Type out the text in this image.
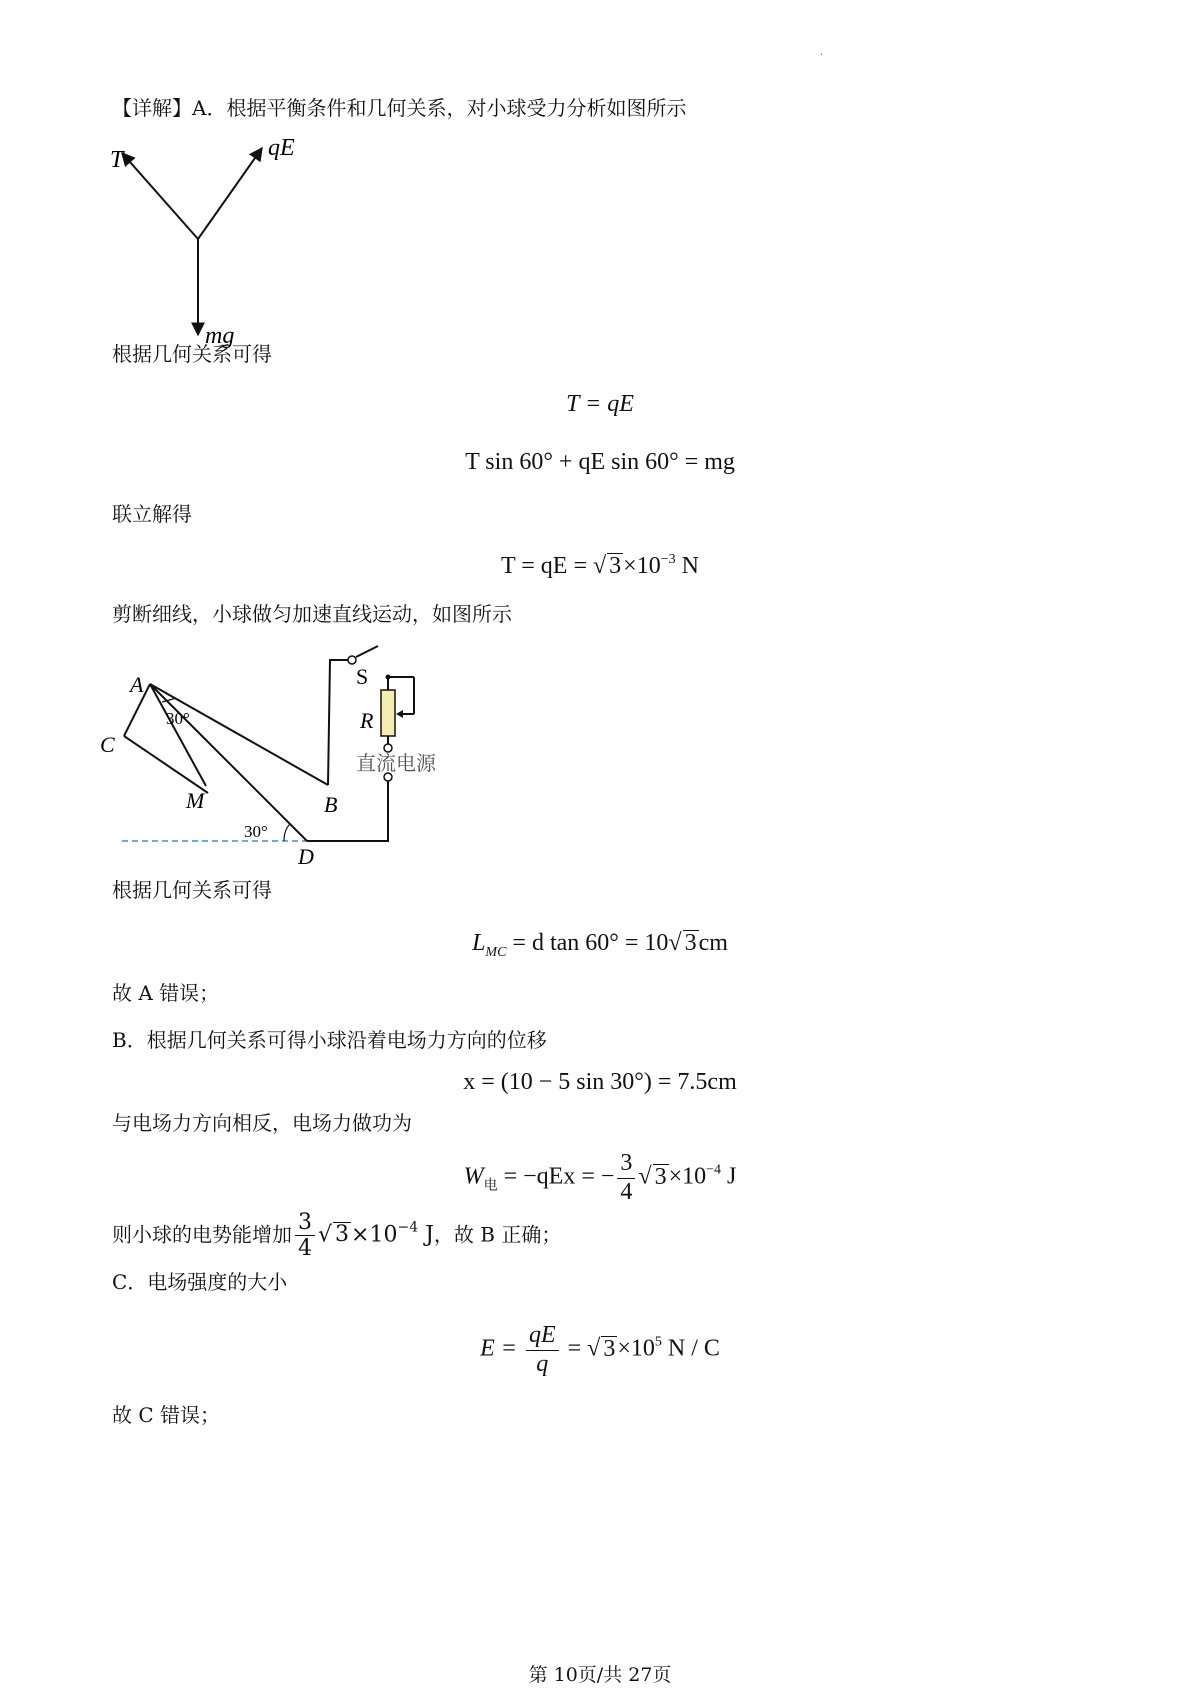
·
【详解】A．根据平衡条件和几何关系，对小球受力分析如图所示
T	qE
mg
根据几何关系可得
T = qE
T sin 60° + qE sin 60° = mg
联立解得
T = qE = √ $3\times 10^{-3}$ N
剪断细线，小球做匀加速直线运动，如图所示
A
C
M	B
D
S
R
直流电源
30°
30°
根据几何关系可得
$L_{MC} = d$ tan 60° = 10√ 3cm
故 A 错误；
B．根据几何关系可得小球沿着电场力方向的位移
x = (10 − 5 sin 30°) = 7.5cm
与电场力方向相反，电场力做功为
$W_电 = -qEx$ = − $\frac{3}{4}$ √ $3\times 10^{-4}$ J
则小球的电势能增加 $\frac{3}{4}$ √ $3\times 10^{-4}$ J，故 B 正确；
C．电场强度的大小
$E = \frac{qE}{q}$ = √ $3\times 10^5$ N / C
故 C 错误；
第 10页/共 27页
